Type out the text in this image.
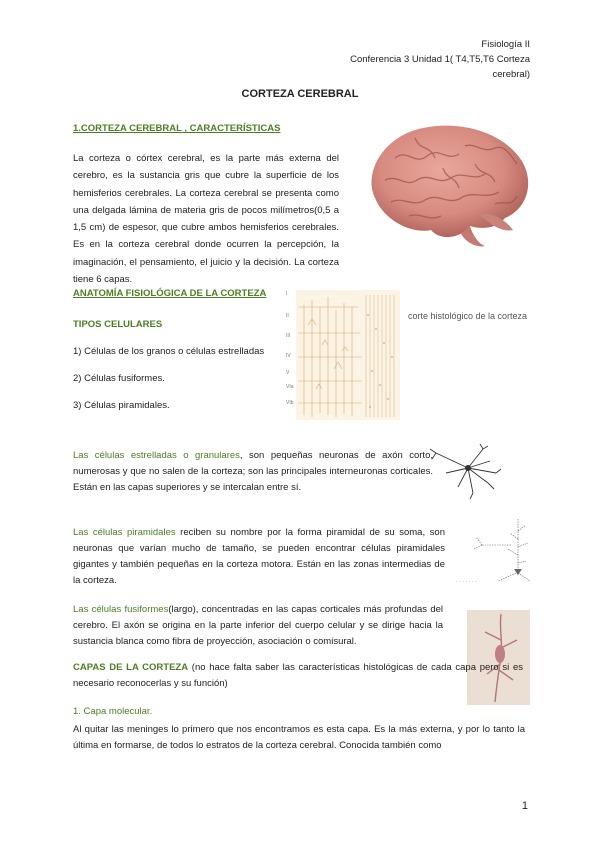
Fisiología II
Conferencia 3 Unidad 1( T4,T5,T6 Corteza
cerebral)
CORTEZA CEREBRAL
1.CORTEZA CEREBRAL , CARACTERÍSTICAS

La corteza o córtex cerebral, es la parte más externa del cerebro, es la sustancia gris que cubre la superficie de los hemisferios cerebrales. La corteza cerebral se presenta como una delgada lámina de materia gris de pocos milímetros(0,5 a 1,5 cm) de espesor, que cubre ambos hemisferios cerebrales. Es en la corteza cerebral donde ocurren la percepción, la imaginación, el pensamiento, el juicio y la decisión. La corteza tiene 6 capas.

ANATOMÍA FISIOLÓGICA DE LA CORTEZA
TIPOS CELULARES
1) Células de los granos o células estrelladas
2) Células fusiformes.
3) Células piramidales.
I
II
III
IV
V
VIa
VIb
corte histológico de la corteza

Las células estrelladas o granulares, son pequeñas neuronas de axón corto, numerosas y que no salen de la corteza; son las principales interneuronas corticales. Están en las capas superiores y se intercalan entre sí.

Las células piramidales reciben su nombre por la forma piramidal de su soma, son neuronas que varían mucho de tamaño, se pueden encontrar células piramidales gigantes y también pequeñas en la corteza motora. Están en las zonas intermedias de la corteza.	· · · · · · ·

Las células fusiformes(largo), concentradas en las capas corticales más profundas del cerebro. El axón se origina en la parte inferior del cuerpo celular y se dirige hacia la sustancia blanca como fibra de proyección, asociación o comisural.

CAPAS DE LA CORTEZA (no hace falta saber las características histológicas de cada capa pero si es necesario reconocerlas y su función)

1. Capa molecular.

Al quitar las meninges lo primero que nos encontramos es esta capa. Es la más externa, y por lo tanto la última en formarse, de todos lo estratos de la corteza cerebral. Conocida también como

1
